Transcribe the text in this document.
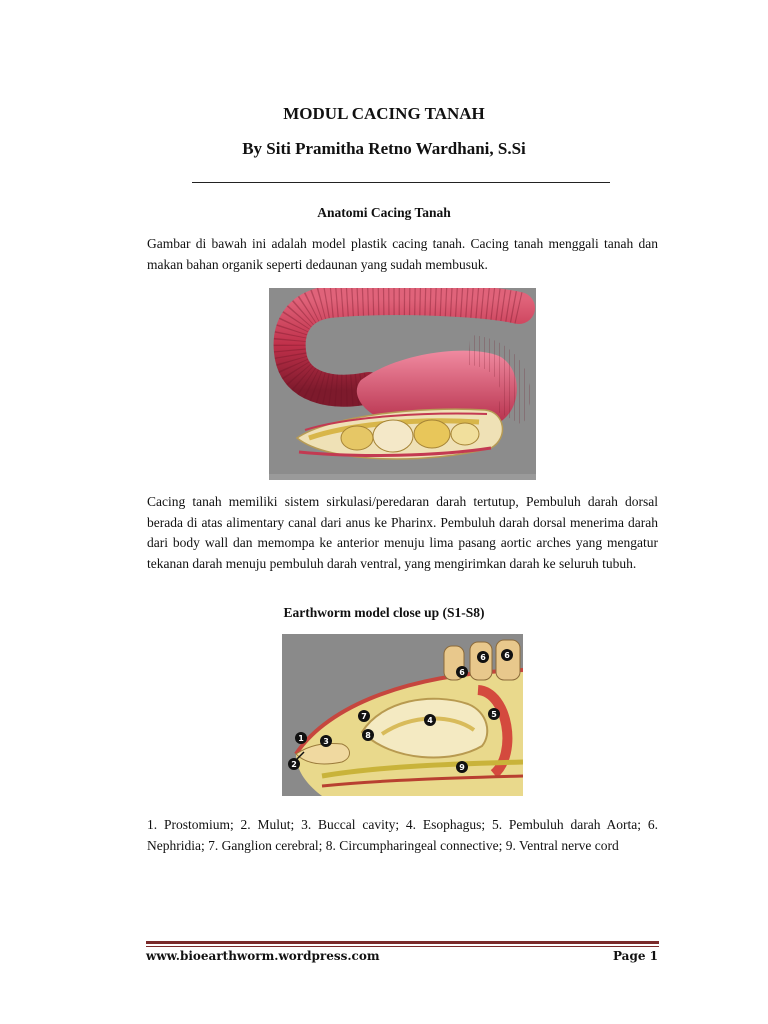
MODUL CACING TANAH
By Siti Pramitha Retno Wardhani, S.Si
Anatomi Cacing Tanah
Gambar di bawah ini adalah model plastik cacing tanah. Cacing tanah menggali tanah dan makan bahan organik seperti dedaunan yang sudah membusuk.
Cacing tanah memiliki sistem sirkulasi/peredaran darah tertutup, Pembuluh darah dorsal berada di atas alimentary canal dari anus ke Pharinx. Pembuluh darah dorsal menerima darah dari body wall dan memompa ke anterior menuju lima pasang aortic arches yang mengatur tekanan darah menuju pembuluh darah ventral, yang mengirimkan darah ke seluruh tubuh.
Earthworm model close up (S1-S8)
1
2
3
4
5
6
6 6
7
8
9
1. Prostomium; 2. Mulut; 3. Buccal cavity; 4. Esophagus; 5. Pembuluh darah Aorta; 6. Nephridia; 7. Ganglion cerebral; 8. Circumpharingeal connective; 9. Ventral nerve cord
www.bioearthworm.wordpress.com	Page 1
